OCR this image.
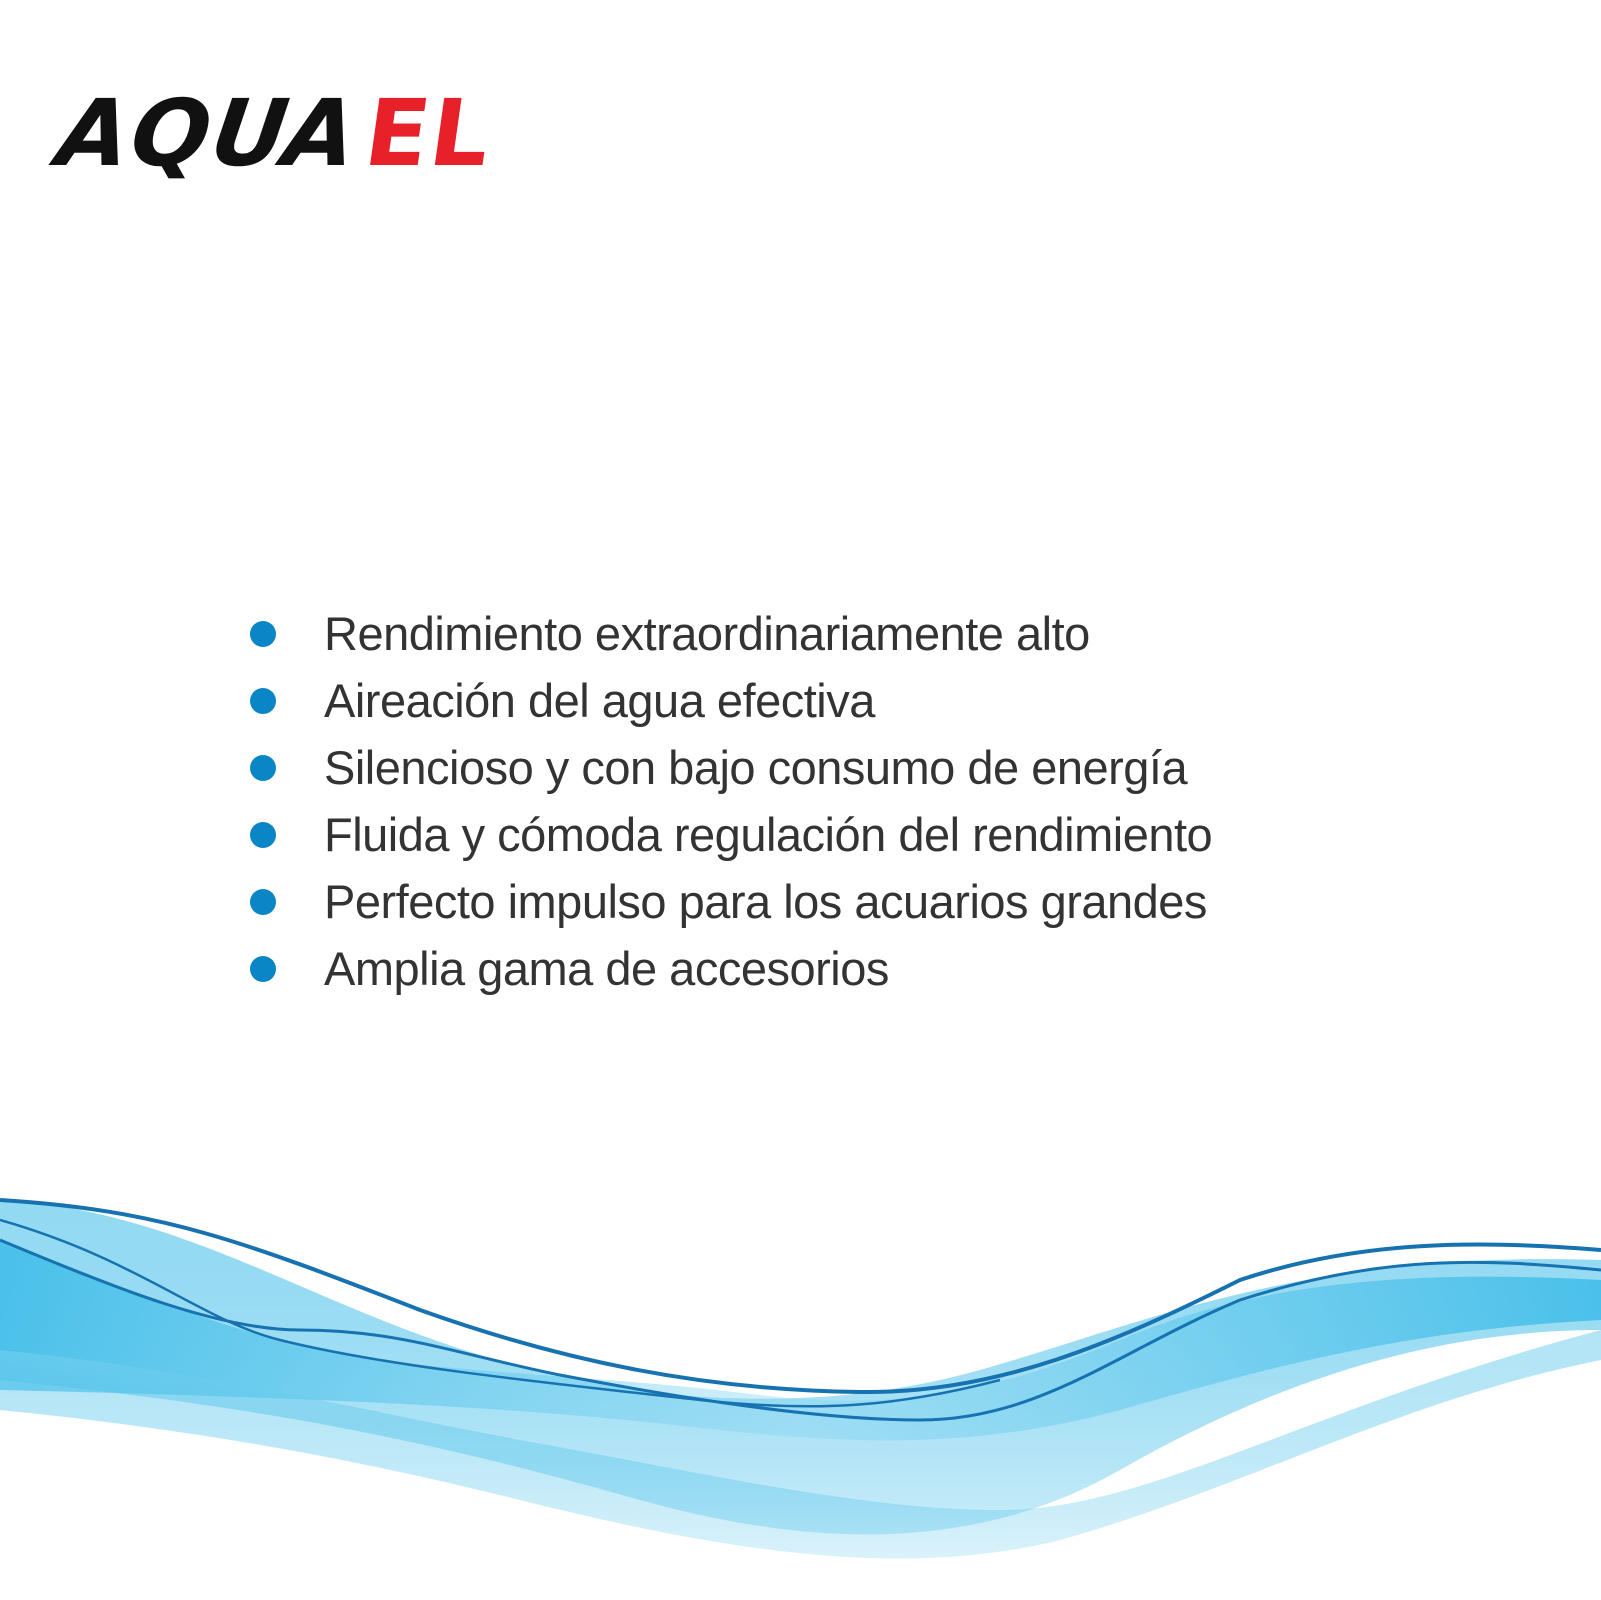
AQUA
EL
Rendimiento extraordinariamente alto
Aireación del agua efectiva
Silencioso y con bajo consumo de energía
Fluida y cómoda regulación del rendimiento
Perfecto impulso para los acuarios grandes
Amplia gama de accesorios
